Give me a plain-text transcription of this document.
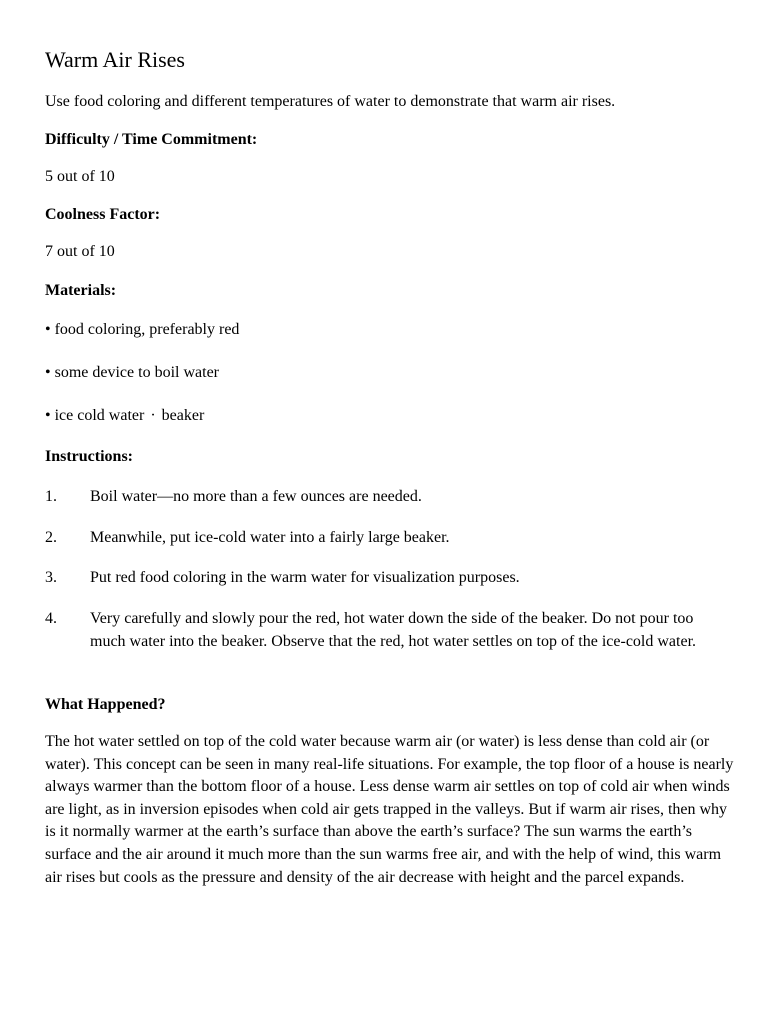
Warm Air Rises
Use food coloring and different temperatures of water to demonstrate that warm air rises.
Difficulty / Time Commitment:
5 out of 10
Coolness Factor:
7 out of 10
Materials:
• food coloring, preferably red
• some device to boil water
• ice cold water · beaker
Instructions:
1. Boil water—no more than a few ounces are needed.
2. Meanwhile, put ice-cold water into a fairly large beaker.
3. Put red food coloring in the warm water for visualization purposes.
4. Very carefully and slowly pour the red, hot water down the side of the beaker. Do not pour too much water into the beaker. Observe that the red, hot water settles on top of the ice-cold water.
What Happened?
The hot water settled on top of the cold water because warm air (or water) is less dense than cold air (or water). This concept can be seen in many real-life situations. For example, the top floor of a house is nearly always warmer than the bottom floor of a house. Less dense warm air settles on top of cold air when winds are light, as in inversion episodes when cold air gets trapped in the valleys. But if warm air rises, then why is it normally warmer at the earth’s surface than above the earth’s surface? The sun warms the earth’s surface and the air around it much more than the sun warms free air, and with the help of wind, this warm air rises but cools as the pressure and density of the air decrease with height and the parcel expands.
